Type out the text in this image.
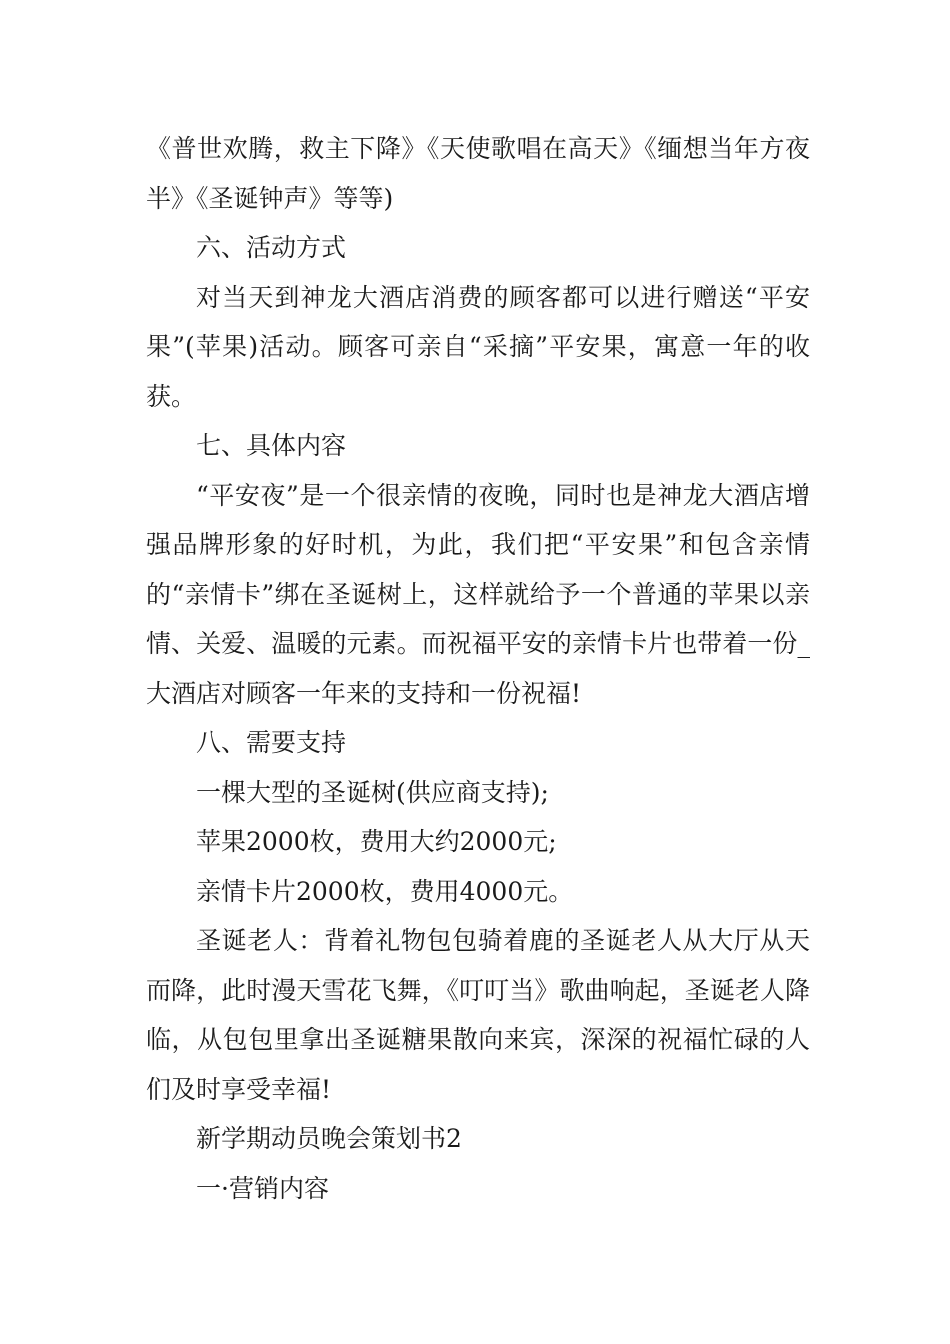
《普世欢腾，救主下降》《天使歌唱在高天》《缅想当年方夜半》《圣诞钟声》等等)

六、活动方式

对当天到神龙大酒店消费的顾客都可以进行赠送“平安果”(苹果)活动。顾客可亲自“采摘”平安果，寓意一年的收获。

七、具体内容

“平安夜”是一个很亲情的夜晚，同时也是神龙大酒店增强品牌形象的好时机，为此，我们把“平安果”和包含亲情的“亲情卡”绑在圣诞树上，这样就给予一个普通的苹果以亲情、关爱、温暖的元素。而祝福平安的亲情卡片也带着一份_大酒店对顾客一年来的支持和一份祝福!

八、需要支持

一棵大型的圣诞树(供应商支持);

苹果2000枚，费用大约2000元;

亲情卡片2000枚，费用4000元。

圣诞老人：背着礼物包包骑着鹿的圣诞老人从大厅从天而降，此时漫天雪花飞舞，《叮叮当》歌曲响起，圣诞老人降临，从包包里拿出圣诞糖果散向来宾，深深的祝福忙碌的人们及时享受幸福!

新学期动员晚会策划书2

一·营销内容
